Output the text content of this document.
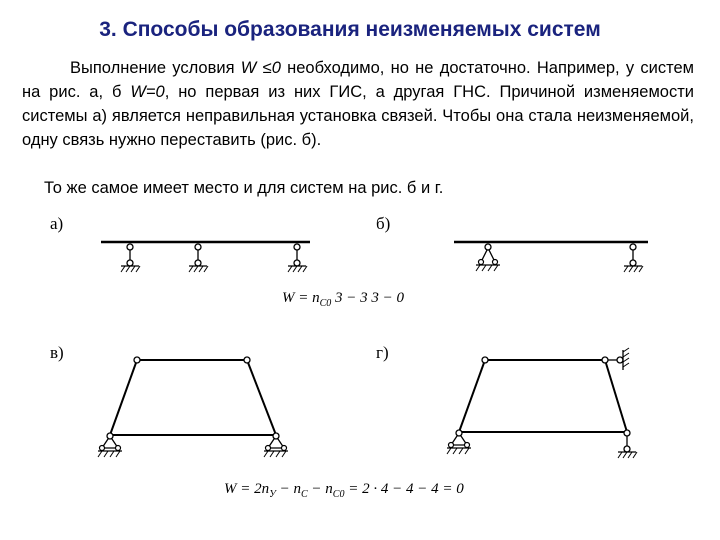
3. Способы образования неизменяемых систем
Выполнение условия W ≤0 необходимо, но не достаточно. Например, у систем на рис. а, б W=0, но первая из них ГИС, а другая ГНС. Причиной изменяемости системы а) является неправильная установка связей. Чтобы она стала неизменяемой, одну связь нужно переставить (рис. б).
То же самое имеет место и для систем на рис. б и г.
а)	б)
в)	г)
$W = n_{C0}$ 3 − 3 3 − 0
$W = 2n_У - n_С - n_{C0} = 2 \cdot 4 - 4 - 4 = 0$
